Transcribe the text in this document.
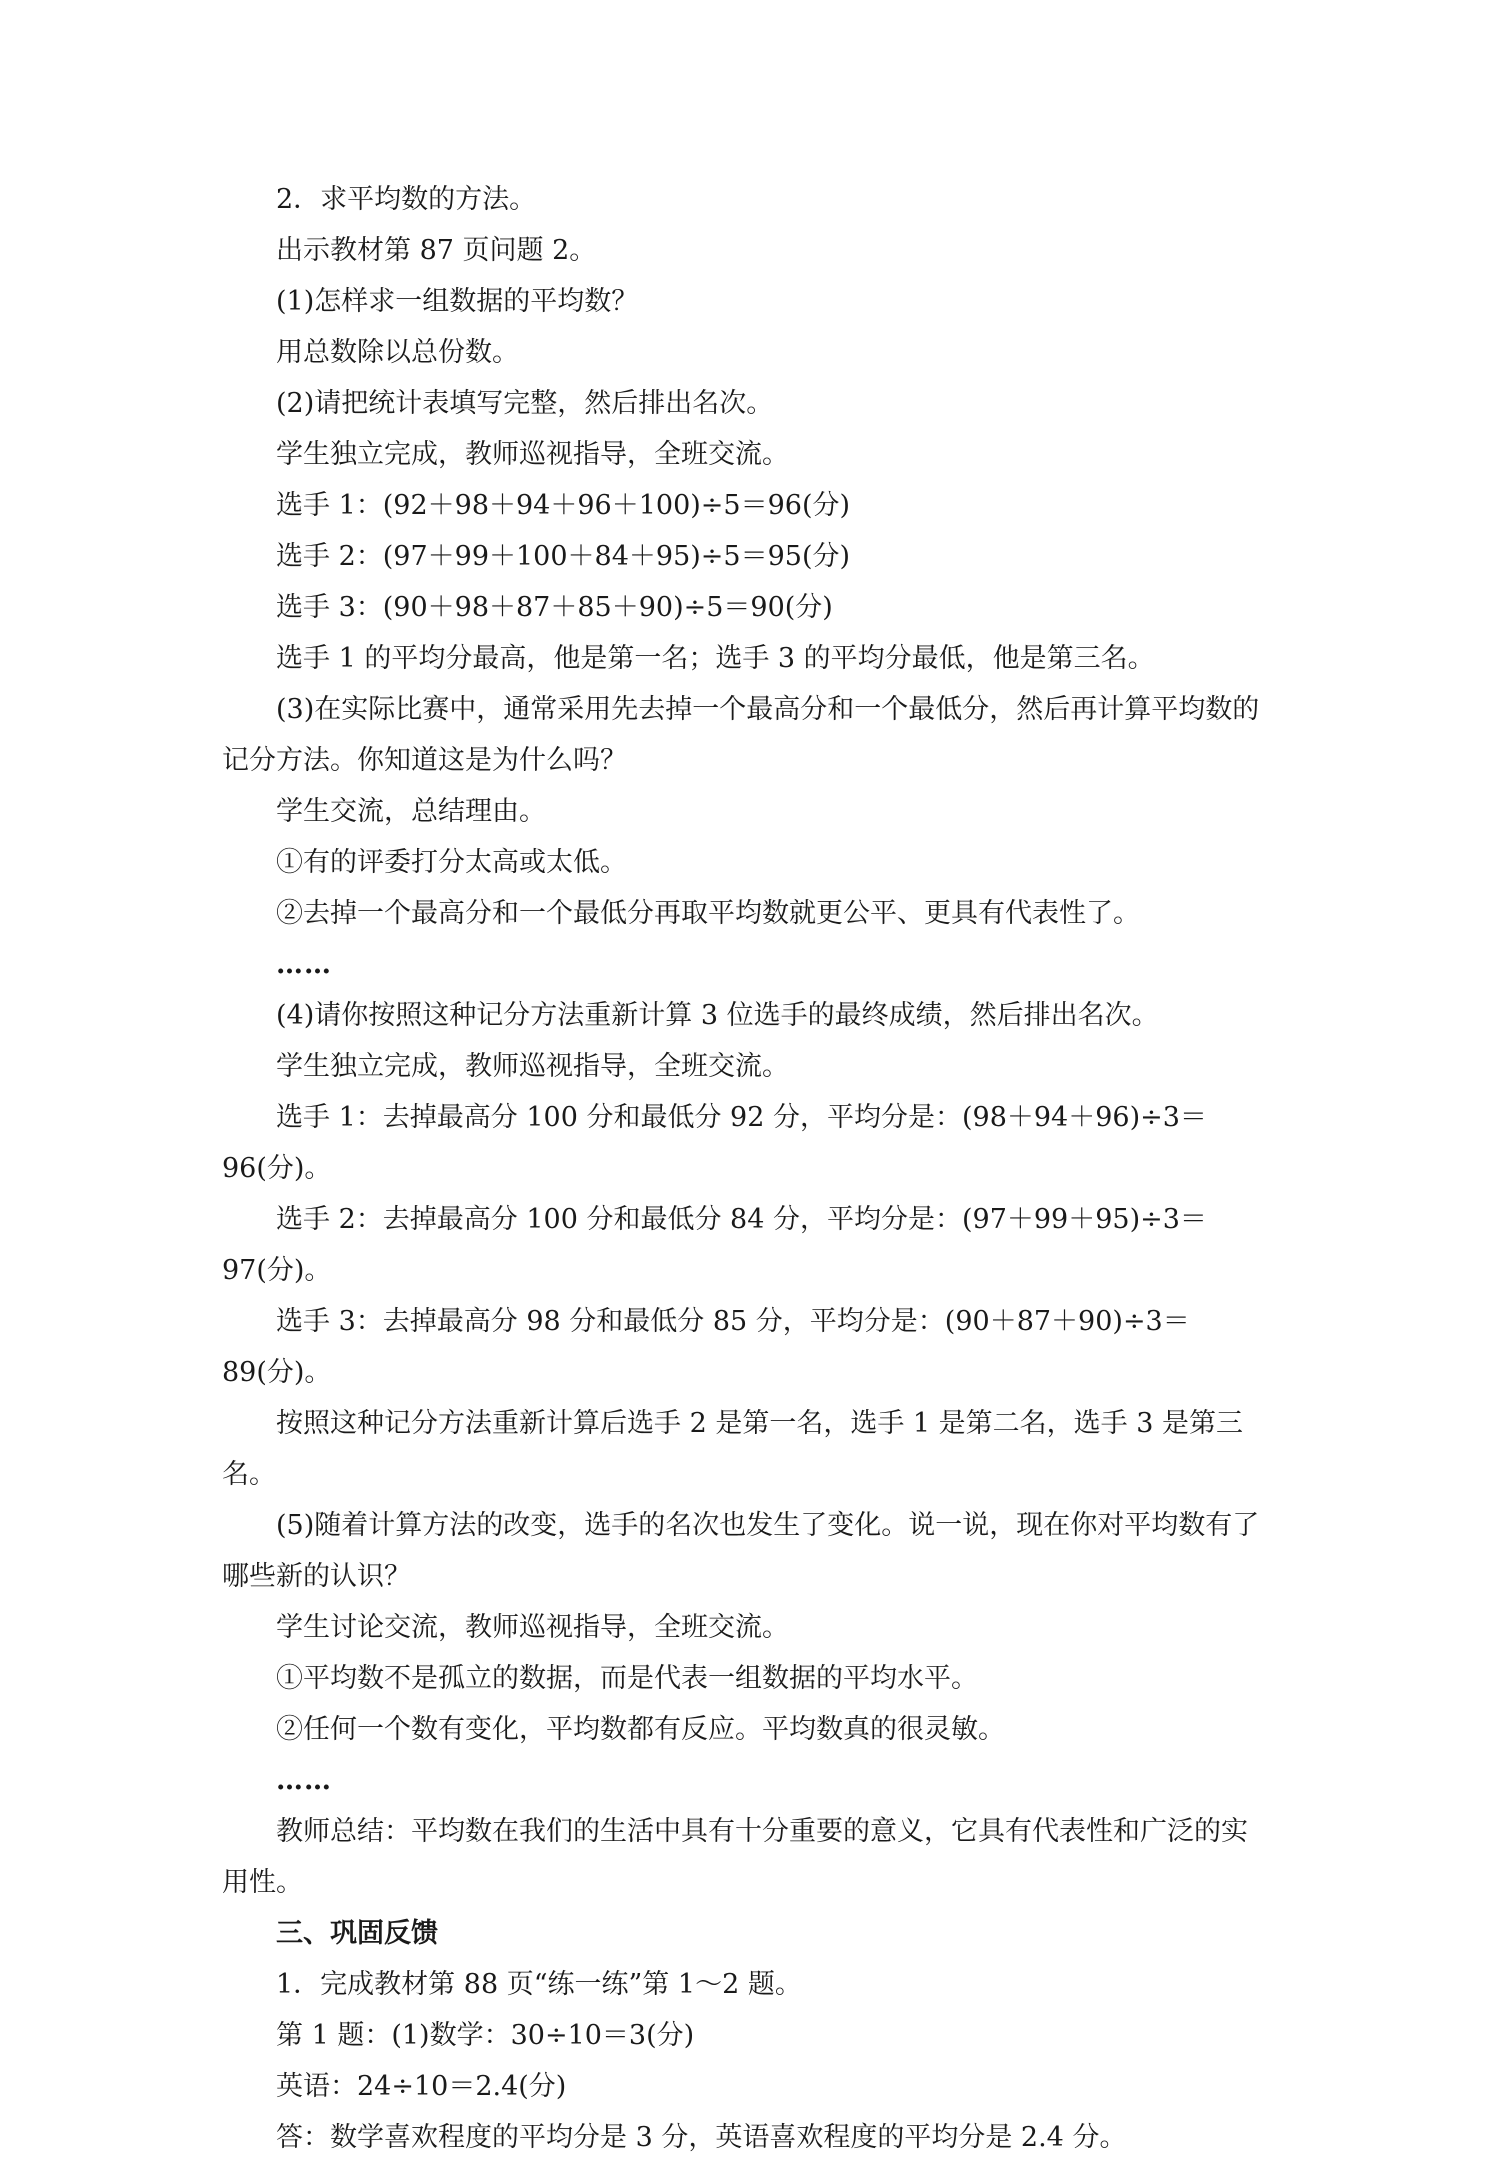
2．求平均数的方法。

出示教材第 87 页问题 2。

(1)怎样求一组数据的平均数？

用总数除以总份数。

(2)请把统计表填写完整，然后排出名次。

学生独立完成，教师巡视指导，全班交流。

选手 1：(92＋98＋94＋96＋100)÷5＝96(分)

选手 2：(97＋99＋100＋84＋95)÷5＝95(分)

选手 3：(90＋98＋87＋85＋90)÷5＝90(分)

选手 1 的平均分最高，他是第一名；选手 3 的平均分最低，他是第三名。

(3)在实际比赛中，通常采用先去掉一个最高分和一个最低分，然后再计算平均数的记分方法。你知道这是为什么吗？

学生交流，总结理由。

①有的评委打分太高或太低。

②去掉一个最高分和一个最低分再取平均数就更公平、更具有代表性了。

……

(4)请你按照这种记分方法重新计算 3 位选手的最终成绩，然后排出名次。

学生独立完成，教师巡视指导，全班交流。

选手 1：去掉最高分 100 分和最低分 92 分，平均分是：(98＋94＋96)÷3＝96(分)。

选手 2：去掉最高分 100 分和最低分 84 分，平均分是：(97＋99＋95)÷3＝97(分)。

选手 3：去掉最高分 98 分和最低分 85 分，平均分是：(90＋87＋90)÷3＝89(分)。

按照这种记分方法重新计算后选手 2 是第一名，选手 1 是第二名，选手 3 是第三名。

(5)随着计算方法的改变，选手的名次也发生了变化。说一说，现在你对平均数有了哪些新的认识？

学生讨论交流，教师巡视指导，全班交流。

①平均数不是孤立的数据，而是代表一组数据的平均水平。

②任何一个数有变化，平均数都有反应。平均数真的很灵敏。

……

教师总结：平均数在我们的生活中具有十分重要的意义，它具有代表性和广泛的实用性。

三、巩固反馈

1．完成教材第 88 页“练一练”第 1～2 题。

第 1 题：(1)数学：30÷10＝3(分)

英语：24÷10＝2.4(分)

答：数学喜欢程度的平均分是 3 分，英语喜欢程度的平均分是 2.4 分。
